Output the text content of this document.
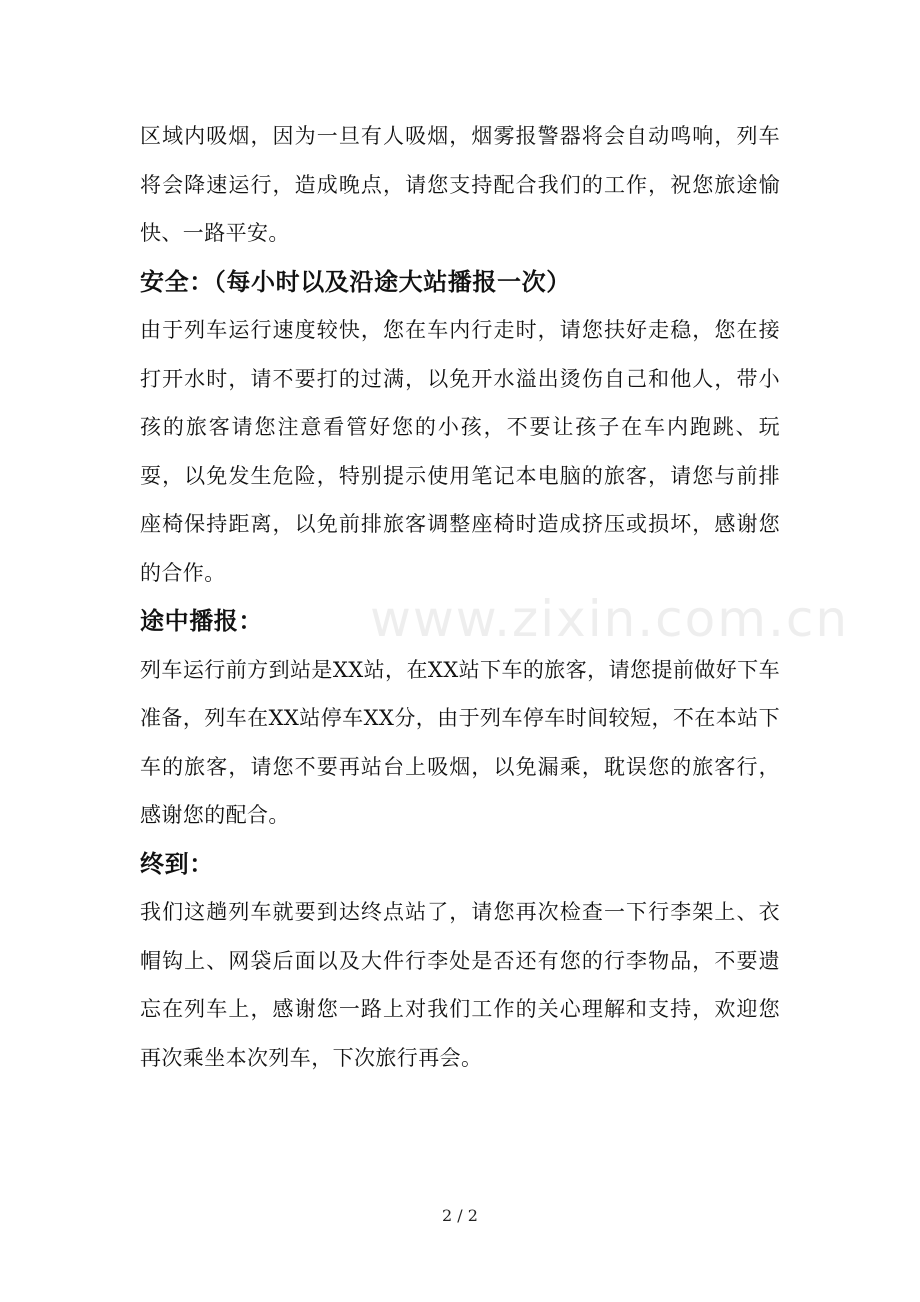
区域内吸烟，因为一旦有人吸烟，烟雾报警器将会自动鸣响，列车将会降速运行，造成晚点，请您支持配合我们的工作，祝您旅途愉快、一路平安。

安全：（每小时以及沿途大站播报一次）

由于列车运行速度较快，您在车内行走时，请您扶好走稳，您在接打开水时，请不要打的过满，以免开水溢出烫伤自己和他人，带小孩的旅客请您注意看管好您的小孩，不要让孩子在车内跑跳、玩耍，以免发生危险，特别提示使用笔记本电脑的旅客，请您与前排座椅保持距离，以免前排旅客调整座椅时造成挤压或损坏，感谢您的合作。

途中播报：

列车运行前方到站是XX站，在XX站下车的旅客，请您提前做好下车准备，列车在XX站停车XX分，由于列车停车时间较短，不在本站下车的旅客，请您不要再站台上吸烟，以免漏乘，耽误您的旅客行，感谢您的配合。

终到：

我们这趟列车就要到达终点站了，请您再次检查一下行李架上、衣帽钩上、网袋后面以及大件行李处是否还有您的行李物品，不要遗忘在列车上，感谢您一路上对我们工作的关心理解和支持，欢迎您再次乘坐本次列车，下次旅行再会。

www.zixin.com.cn
2 / 2
